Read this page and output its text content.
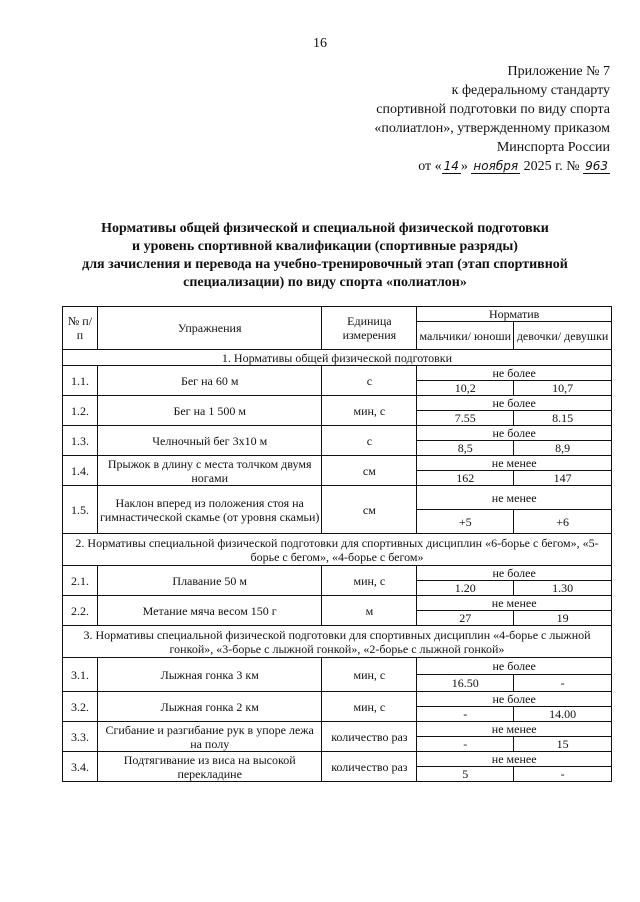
16
Приложение № 7
к федеральному стандарту
спортивной подготовки по виду спорта
«полиатлон», утвержденному приказом
Минспорта России
от « 14 » ноября 2025 г. № 963
Нормативы общей физической и специальной физической подготовки
и уровень спортивной квалификации (спортивные разряды)
для зачисления и перевода на учебно-тренировочный этап (этап спортивной
специализации) по виду спорта «полиатлон»
№ п/п	Упражнения	Единица измерения	Норматив	
			мальчики/ юноши	девочки/ девушки
1. Нормативы общей физической подготовки				
1.1.	Бег на 60 м	с	не более	
			10,2	10,7
1.2.	Бег на 1 500 м	мин, с	не более	
			7.55	8.15
1.3.	Челночный бег 3х10 м	с	не более	
			8,5	8,9
1.4.	Прыжок в длину с места толчком двумя ногами	см	не менее	
			162	147
1.5.	Наклон вперед из положения стоя на гимнастической скамье (от уровня скамьи)	см	не менее	
			+5	+6
2. Нормативы специальной физической подготовки для спортивных дисциплин «6-борье с бегом», «5-борье с бегом», «4-борье с бегом»				
2.1.	Плавание 50 м	мин, с	не более	
			1.20	1.30
2.2.	Метание мяча весом 150 г	м	не менее	
			27	19
3. Нормативы специальной физической подготовки для спортивных дисциплин «4-борье с лыжной гонкой», «3-борье с лыжной гонкой», «2-борье с лыжной гонкой»				
3.1.	Лыжная гонка 3 км	мин, с	не более	
			16.50	-
3.2.	Лыжная гонка 2 км	мин, с	не более	
			-	14.00
3.3.	Сгибание и разгибание рук в упоре лежа на полу	количество раз	не менее	
			-	15
3.4.	Подтягивание из виса на высокой перекладине	количество раз	не менее	
			5	-
